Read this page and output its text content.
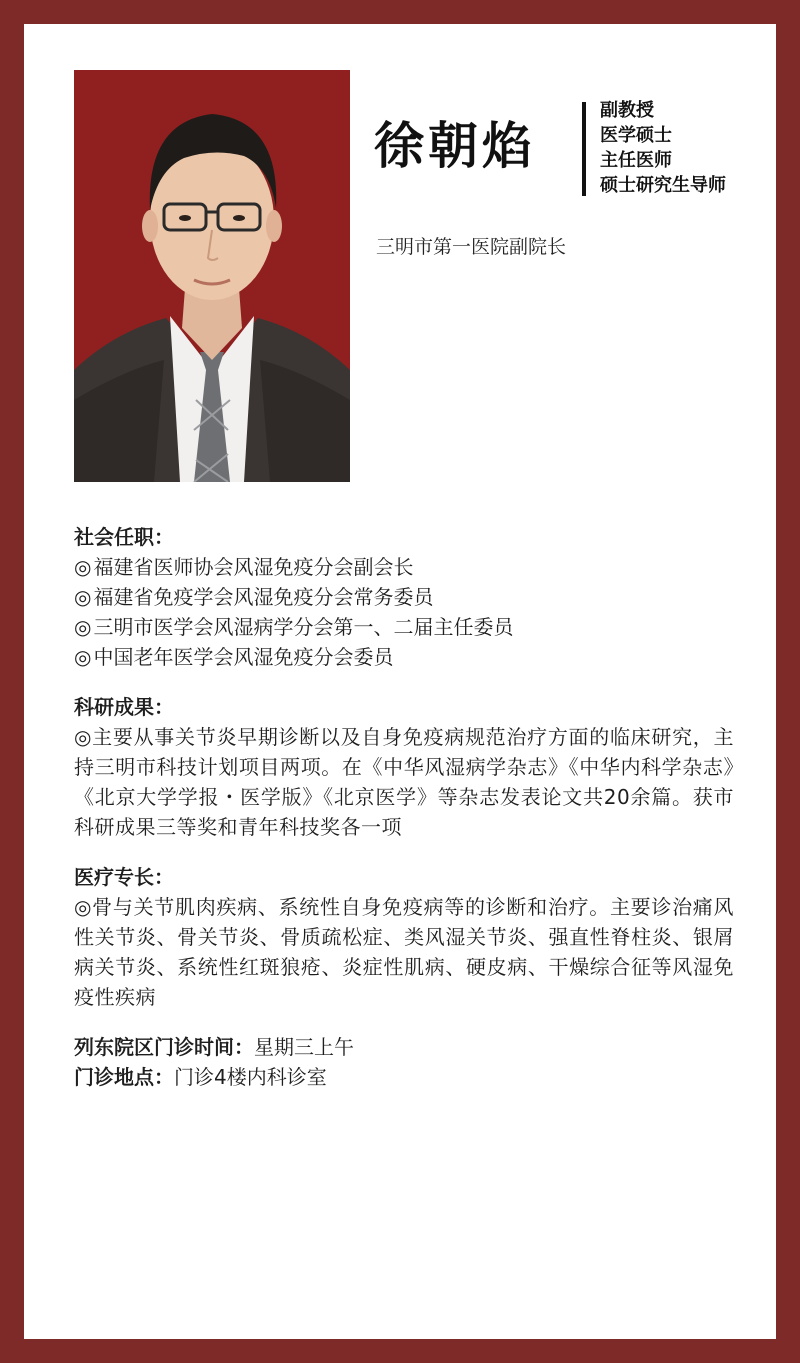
徐朝焰
副教授
医学硕士
主任医师
硕士研究生导师
三明市第一医院副院长
社会任职：
◎ 福建省医师协会风湿免疫分会副会长
◎ 福建省免疫学会风湿免疫分会常务委员
◎ 三明市医学会风湿病学分会第一、二届主任委员
◎ 中国老年医学会风湿免疫分会委员
科研成果：
◎ 主要从事关节炎早期诊断以及自身免疫病规范治疗方面的临床研究，主持三明市科技计划项目两项。在《中华风湿病学杂志》《中华内科学杂志》《北京大学学报・医学版》《北京医学》等杂志发表论文共20余篇。获市科研成果三等奖和青年科技奖各一项
医疗专长：
◎ 骨与关节肌肉疾病、系统性自身免疫病等的诊断和治疗。主要诊治痛风性关节炎、骨关节炎、骨质疏松症、类风湿关节炎、强直性脊柱炎、银屑病关节炎、系统性红斑狼疮、炎症性肌病、硬皮病、干燥综合征等风湿免疫性疾病
列东院区门诊时间：星期三上午
门诊地点：门诊4楼内科诊室
